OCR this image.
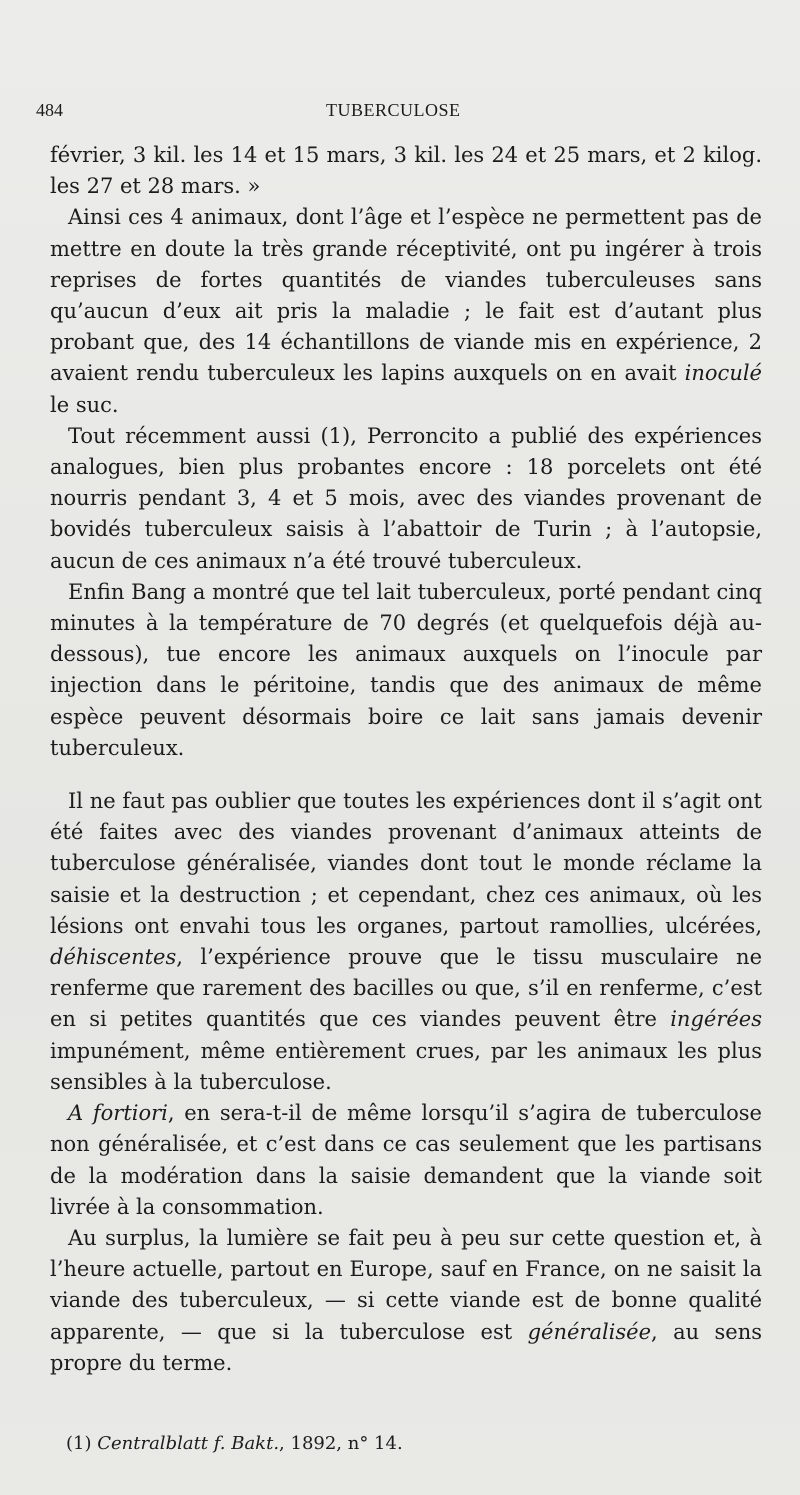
484	TUBERCULOSE

février, 3 kil. les 14 et 15 mars, 3 kil. les 24 et 25 mars, et 2 kilog. les 27 et 28 mars. »

Ainsi ces 4 animaux, dont l’âge et l’espèce ne permettent pas de mettre en doute la très grande réceptivité, ont pu ingérer à trois reprises de fortes quantités de viandes tuberculeuses sans qu’aucun d’eux ait pris la maladie ; le fait est d’autant plus probant que, des 14 échantillons de viande mis en expérience, 2 avaient rendu tuberculeux les lapins auxquels on en avait inoculé le suc.

Tout récemment aussi (1), Perroncito a publié des expériences analogues, bien plus probantes encore : 18 porcelets ont été nourris pendant 3, 4 et 5 mois, avec des viandes provenant de bovidés tuberculeux saisis à l’abattoir de Turin ; à l’autopsie, aucun de ces animaux n’a été trouvé tuberculeux.

Enfin Bang a montré que tel lait tuberculeux, porté pendant cinq minutes à la température de 70 degrés (et quelquefois déjà au-dessous), tue encore les animaux auxquels on l’inocule par injection dans le péritoine, tandis que des animaux de même espèce peuvent désormais boire ce lait sans jamais devenir tuberculeux.

Il ne faut pas oublier que toutes les expériences dont il s’agit ont été faites avec des viandes provenant d’animaux atteints de tuberculose généralisée, viandes dont tout le monde réclame la saisie et la destruction ; et cependant, chez ces animaux, où les lésions ont envahi tous les organes, partout ramollies, ulcérées, déhiscentes, l’expérience prouve que le tissu musculaire ne renferme que rarement des bacilles ou que, s’il en renferme, c’est en si petites quantités que ces viandes peuvent être ingérées impunément, même entièrement crues, par les animaux les plus sensibles à la tuberculose.

A fortiori, en sera-t-il de même lorsqu’il s’agira de tuberculose non généralisée, et c’est dans ce cas seulement que les partisans de la modération dans la saisie demandent que la viande soit livrée à la consommation.

Au surplus, la lumière se fait peu à peu sur cette question et, à l’heure actuelle, partout en Europe, sauf en France, on ne saisit la viande des tuberculeux, — si cette viande est de bonne qualité apparente, — que si la tuberculose est généralisée, au sens propre du terme.

(1) Centralblatt f. Bakt., 1892, n° 14.
